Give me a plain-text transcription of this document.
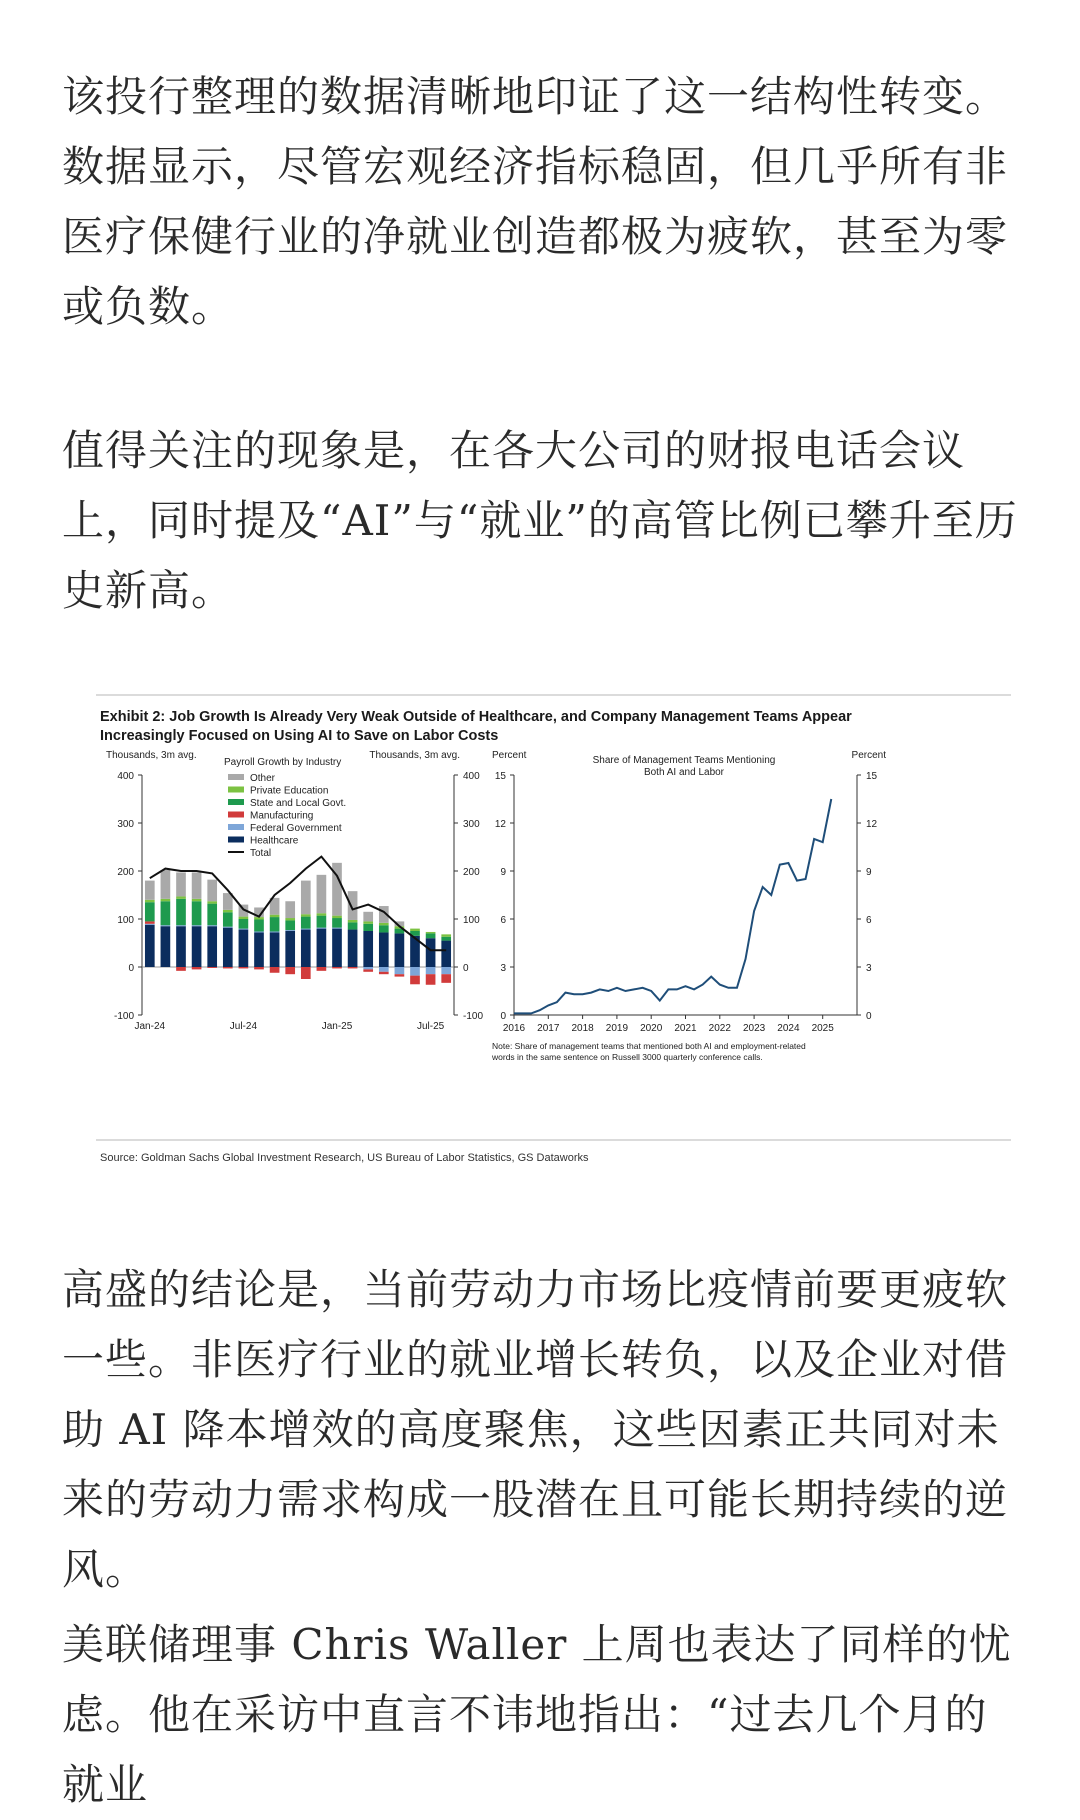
该投行整理的数据清晰地印证了这一结构性转变。数据显示，尽管宏观经济指标稳固，但几乎所有非医疗保健行业的净就业创造都极为疲软，甚至为零或负数。

值得关注的现象是，在各大公司的财报电话会议上，同时提及“AI”与“就业”的高管比例已攀升至历史新高。

Exhibit 2: Job Growth Is Already Very Weak Outside of Healthcare, and Company Management Teams Appear
Increasingly Focused on Using AI to Save on Labor Costs
Thousands, 3m avg.	Thousands, 3m avg.
Payroll Growth by Industry
-100	-100
0	0
100	100
200	200
300	300
400	400
Jan-24	Jul-24	Jan-25	Jul-25
Other
Private Education
State and Local Govt.
Manufacturing
Federal Government
Healthcare
Total
Percent	Percent
Share of Management Teams Mentioning
Both AI and Labor
0	0
3	3
6	6
9	9
12	12
15	15
2016 2017 2018 2019 2020 2021 2022 2023 2024 2025
Note: Share of management teams that mentioned both AI and employment-related
words in the same sentence on Russell 3000 quarterly conference calls.
Source: Goldman Sachs Global Investment Research, US Bureau of Labor Statistics, GS Dataworks

高盛的结论是，当前劳动力市场比疫情前要更疲软一些。非医疗行业的就业增长转负，以及企业对借助 AI 降本增效的高度聚焦，这些因素正共同对未来的劳动力需求构成一股潜在且可能长期持续的逆风。

美联储理事 Chris Waller 上周也表达了同样的忧虑。他在采访中直言不讳地指出：“过去几个月的就业
